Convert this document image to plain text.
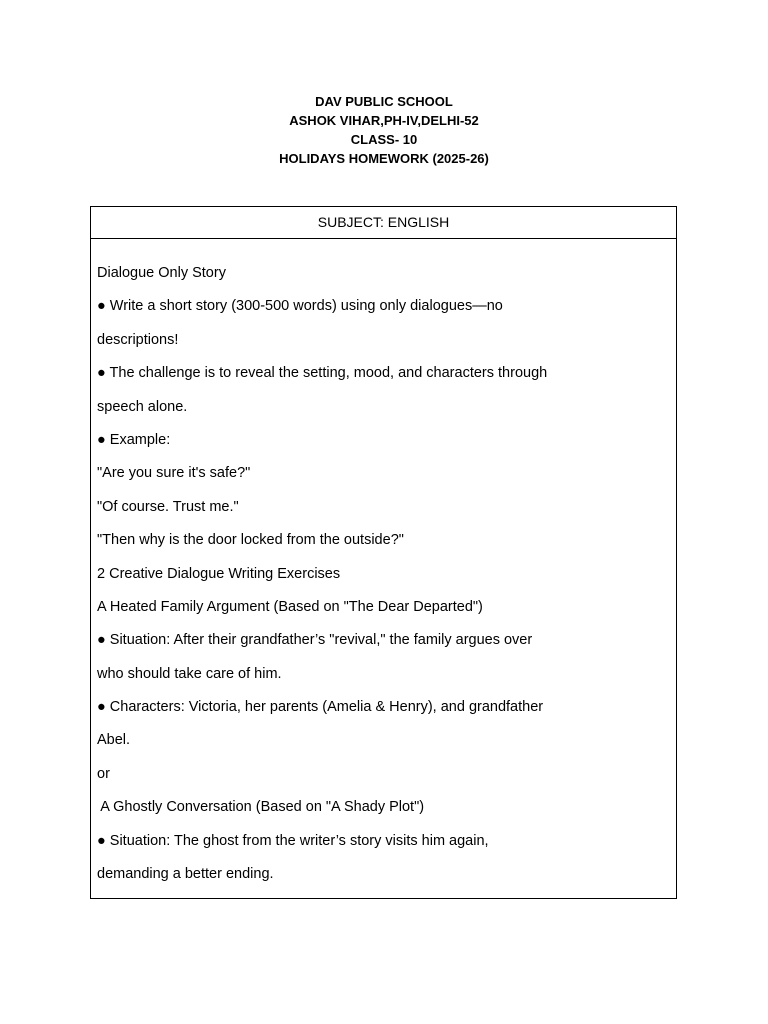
DAV PUBLIC SCHOOL
ASHOK VIHAR,PH-IV,DELHI-52
CLASS- 10
HOLIDAYS HOMEWORK (2025-26)
SUBJECT: ENGLISH
Dialogue Only Story
● Write a short story (300-500 words) using only dialogues—no
descriptions!
● The challenge is to reveal the setting, mood, and characters through
speech alone.
● Example:
"Are you sure it's safe?"
"Of course. Trust me."
"Then why is the door locked from the outside?"
2 Creative Dialogue Writing Exercises
A Heated Family Argument (Based on "The Dear Departed")
● Situation: After their grandfather’s "revival," the family argues over
who should take care of him.
● Characters: Victoria, her parents (Amelia & Henry), and grandfather
Abel.
or
A Ghostly Conversation (Based on "A Shady Plot")
● Situation: The ghost from the writer’s story visits him again,
demanding a better ending.
